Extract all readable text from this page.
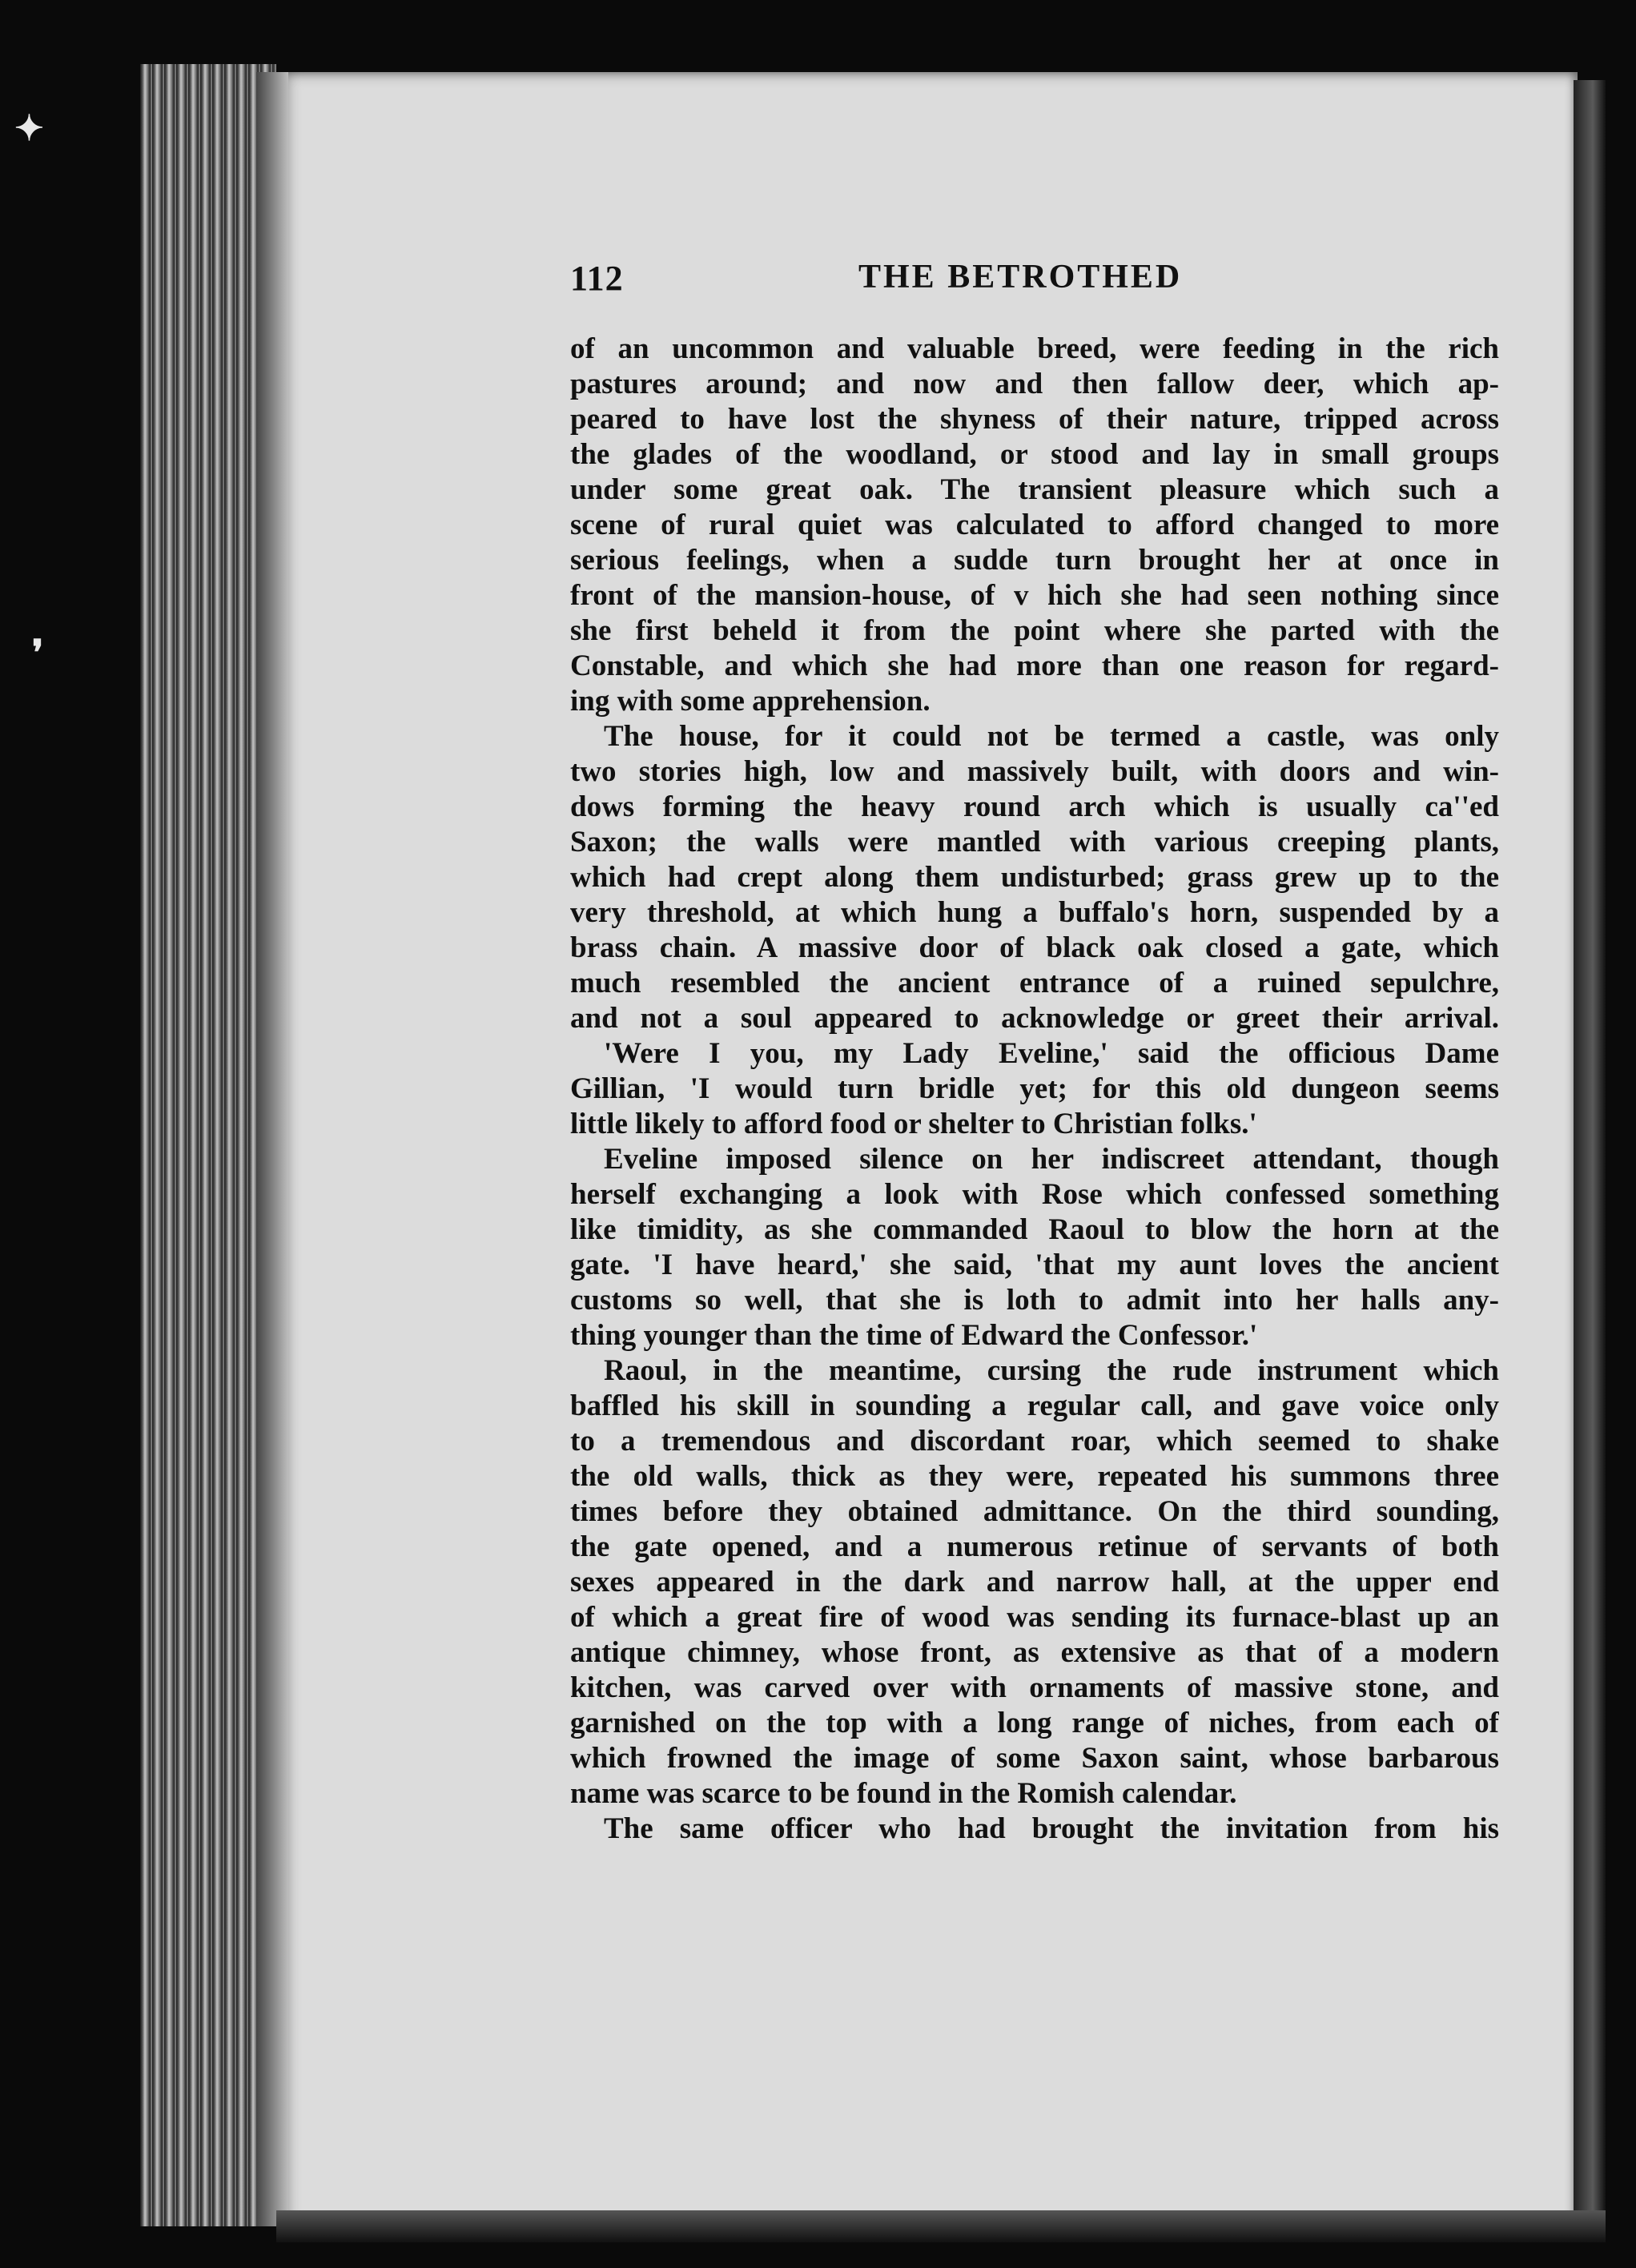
✦
❜
112	THE BETROTHED
of an uncommon and valuable breed, were feeding in the rich
pastures around; and now and then fallow deer, which ap-
peared to have lost the shyness of their nature, tripped across
the glades of the woodland, or stood and lay in small groups
under some great oak. The transient pleasure which such a
scene of rural quiet was calculated to afford changed to more
serious feelings, when a sudde turn brought her at once in
front of the mansion-house, of v hich she had seen nothing since
she first beheld it from the point where she parted with the
Constable, and which she had more than one reason for regard-
ing with some apprehension.
The house, for it could not be termed a castle, was only
two stories high, low and massively built, with doors and win-
dows forming the heavy round arch which is usually ca''ed
Saxon; the walls were mantled with various creeping plants,
which had crept along them undisturbed; grass grew up to the
very threshold, at which hung a buffalo's horn, suspended by a
brass chain. A massive door of black oak closed a gate, which
much resembled the ancient entrance of a ruined sepulchre,
and not a soul appeared to acknowledge or greet their arrival.
'Were I you, my Lady Eveline,' said the officious Dame
Gillian, 'I would turn bridle yet; for this old dungeon seems
little likely to afford food or shelter to Christian folks.'
Eveline imposed silence on her indiscreet attendant, though
herself exchanging a look with Rose which confessed something
like timidity, as she commanded Raoul to blow the horn at the
gate. 'I have heard,' she said, 'that my aunt loves the ancient
customs so well, that she is loth to admit into her halls any-
thing younger than the time of Edward the Confessor.'
Raoul, in the meantime, cursing the rude instrument which
baffled his skill in sounding a regular call, and gave voice only
to a tremendous and discordant roar, which seemed to shake
the old walls, thick as they were, repeated his summons three
times before they obtained admittance. On the third sounding,
the gate opened, and a numerous retinue of servants of both
sexes appeared in the dark and narrow hall, at the upper end
of which a great fire of wood was sending its furnace-blast up an
antique chimney, whose front, as extensive as that of a modern
kitchen, was carved over with ornaments of massive stone, and
garnished on the top with a long range of niches, from each of
which frowned the image of some Saxon saint, whose barbarous
name was scarce to be found in the Romish calendar.
The same officer who had brought the invitation from his
